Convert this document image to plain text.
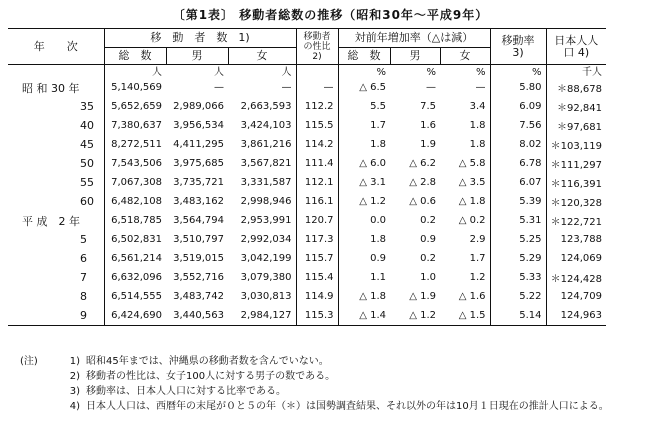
〔第1表〕 移動者総数の推移（昭和30年〜平成9年）
年　　次	移　動　者　数　1)			移動者の性比 2)	対前年増加率（△は減）			移動率 3)	日本人人口 4)
	総　数	男	女		総　数	男	女		
	人	人	人		%	%	%	%	千人
昭 和 30 年	5,140,569	—	—	—	△ 6.5	—	—	5.80	＊88,678
35	5,652,659	2,989,066	2,663,593	112.2	5.5	7.5	3.4	6.09	＊92,841
40	7,380,637	3,956,534	3,424,103	115.5	1.7	1.6	1.8	7.56	＊97,681
45	8,272,511	4,411,295	3,861,216	114.2	1.8	1.9	1.8	8.02	＊103,119
50	7,543,506	3,975,685	3,567,821	111.4	△ 6.0	△ 6.2	△ 5.8	6.78	＊111,297
55	7,067,308	3,735,721	3,331,587	112.1	△ 3.1	△ 2.8	△ 3.5	6.07	＊116,391
60	6,482,108	3,483,162	2,998,946	116.1	△ 1.2	△ 0.6	△ 1.8	5.39	＊120,328
平 成　2 年	6,518,785	3,564,794	2,953,991	120.7	0.0	0.2	△ 0.2	5.31	＊122,721
5	6,502,831	3,510,797	2,992,034	117.3	1.8	0.9	2.9	5.25	123,788
6	6,561,214	3,519,015	3,042,199	115.7	0.9	0.2	1.7	5.29	124,069
7	6,632,096	3,552,716	3,079,380	115.4	1.1	1.0	1.2	5.33	＊124,428
8	6,514,555	3,483,742	3,030,813	114.9	△ 1.8	△ 1.9	△ 1.6	5.22	124,709
9	6,424,690	3,440,563	2,984,127	115.3	△ 1.4	△ 1.2	△ 1.5	5.14	124,963
(注)	1) 昭和45年までは、沖縄県の移動者数を含んでいない。
2) 移動者の性比は、女子100人に対する男子の数である。
3) 移動率は、日本人人口に対する比率である。
4) 日本人人口は、西暦年の末尾が０と５の年（＊）は国勢調査結果、それ以外の年は10月１日現在の推計人口による。
